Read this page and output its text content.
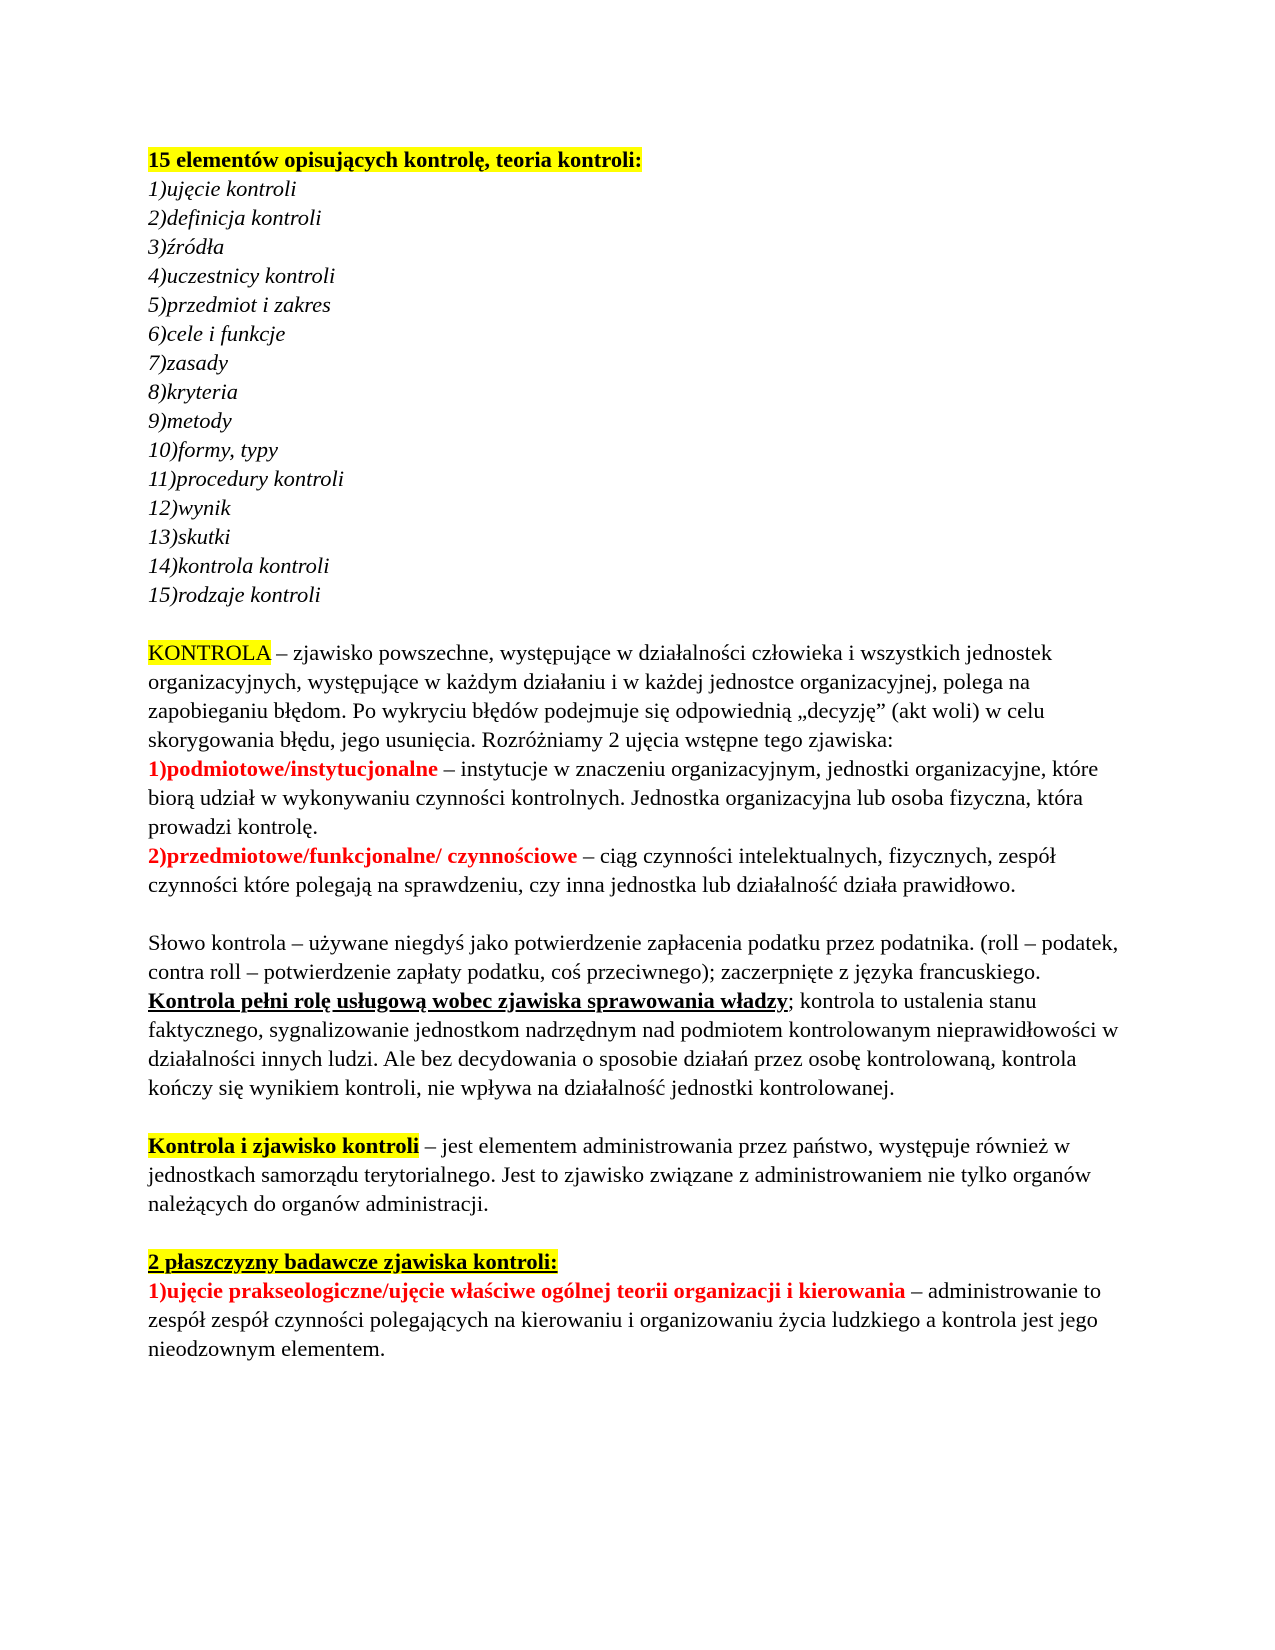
15 elementów opisujących kontrolę, teoria kontroli:

1)ujęcie kontroli
2)definicja kontroli
3)źródła
4)uczestnicy kontroli
5)przedmiot i zakres
6)cele i funkcje
7)zasady
8)kryteria
9)metody
10)formy, typy
11)procedury kontroli
12)wynik
13)skutki
14)kontrola kontroli
15)rodzaje kontroli

KONTROLA – zjawisko powszechne, występujące w działalności człowieka i wszystkich jednostek organizacyjnych, występujące w każdym działaniu i w każdej jednostce organizacyjnej, polega na zapobieganiu błędom. Po wykryciu błędów podejmuje się odpowiednią „decyzję” (akt woli) w celu skorygowania błędu, jego usunięcia. Rozróżniamy 2 ujęcia wstępne tego zjawiska:

1)podmiotowe/instytucjonalne – instytucje w znaczeniu organizacyjnym, jednostki organizacyjne, które biorą udział w wykonywaniu czynności kontrolnych. Jednostka organizacyjna lub osoba fizyczna, która prowadzi kontrolę.

2)przedmiotowe/funkcjonalne/ czynnościowe – ciąg czynności intelektualnych, fizycznych, zespół czynności które polegają na sprawdzeniu, czy inna jednostka lub działalność działa prawidłowo.

Słowo kontrola – używane niegdyś jako potwierdzenie zapłacenia podatku przez podatnika. (roll – podatek, contra roll – potwierdzenie zapłaty podatku, coś przeciwnego); zaczerpnięte z języka francuskiego.

Kontrola pełni rolę usługową wobec zjawiska sprawowania władzy; kontrola to ustalenia stanu faktycznego, sygnalizowanie jednostkom nadrzędnym nad podmiotem kontrolowanym nieprawidłowości w działalności innych ludzi. Ale bez decydowania o sposobie działań przez osobę kontrolowaną, kontrola kończy się wynikiem kontroli, nie wpływa na działalność jednostki kontrolowanej.

Kontrola i zjawisko kontroli – jest elementem administrowania przez państwo, występuje również w jednostkach samorządu terytorialnego. Jest to zjawisko związane z administrowaniem nie tylko organów należących do organów administracji.

2 płaszczyzny badawcze zjawiska kontroli:

1)ujęcie prakseologiczne/ujęcie właściwe ogólnej teorii organizacji i kierowania – administrowanie to zespół zespół czynności polegających na kierowaniu i organizowaniu życia ludzkiego a kontrola jest jego nieodzownym elementem.
